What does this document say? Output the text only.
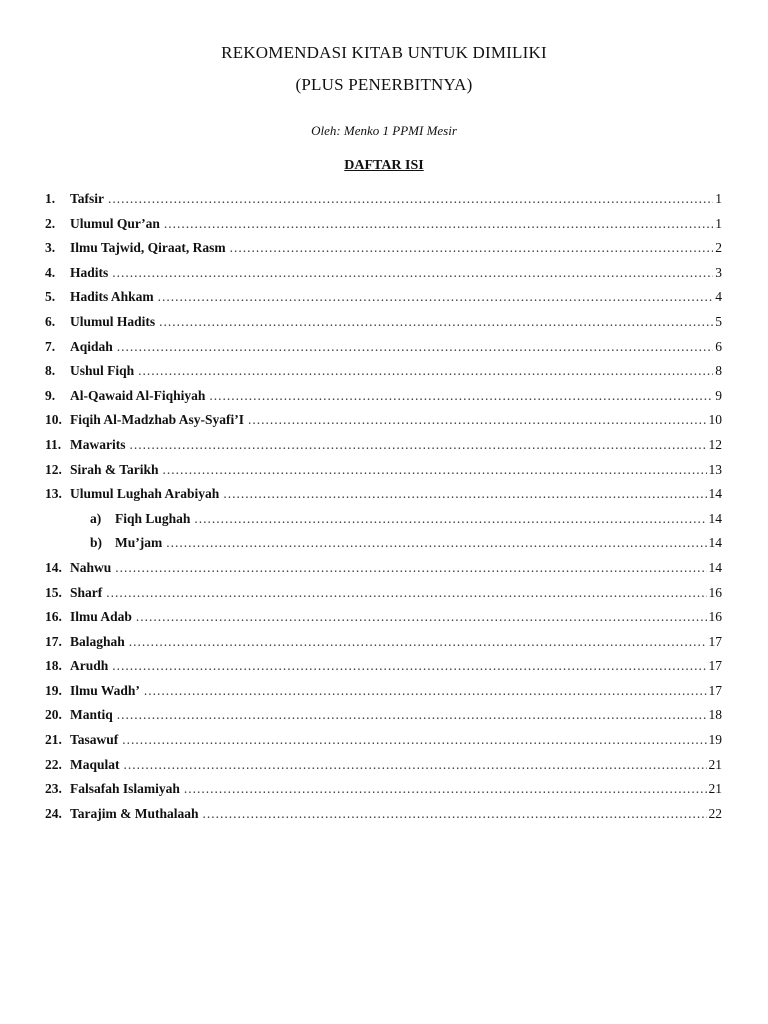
REKOMENDASI KITAB UNTUK DIMILIKI
(PLUS PENERBITNYA)
Oleh: Menko 1 PPMI Mesir
DAFTAR ISI
1.	Tafsir .....	1
2.	Ulumul Qur’an .....	1
3.	Ilmu Tajwid, Qiraat, Rasm .....	2
4.	Hadits .....	3
5.	Hadits Ahkam .....	4
6.	Ulumul Hadits .....	5
7.	Aqidah .....	6
8.	Ushul Fiqh .....	8
9.	Al-Qawaid Al-Fiqhiyah .....	9
10. Fiqih Al-Madzhab Asy-Syafi’I .....	10
11. Mawarits .....	12
12. Sirah & Tarikh .....	13
13. Ulumul Lughah Arabiyah .....	14
a)	Fiqh Lughah .....	14
b) Mu’jam .....	14
14. Nahwu .....	14
15. Sharf .....	16
16. Ilmu Adab .....	16
17. Balaghah .....	17
18. Arudh .....	17
19. Ilmu Wadh’ .....	17
20. Mantiq .....	18
21. Tasawuf .....	19
22. Maqulat .....	21
23. Falsafah Islamiyah .....	21
24. Tarajim & Muthalaah .....	22
